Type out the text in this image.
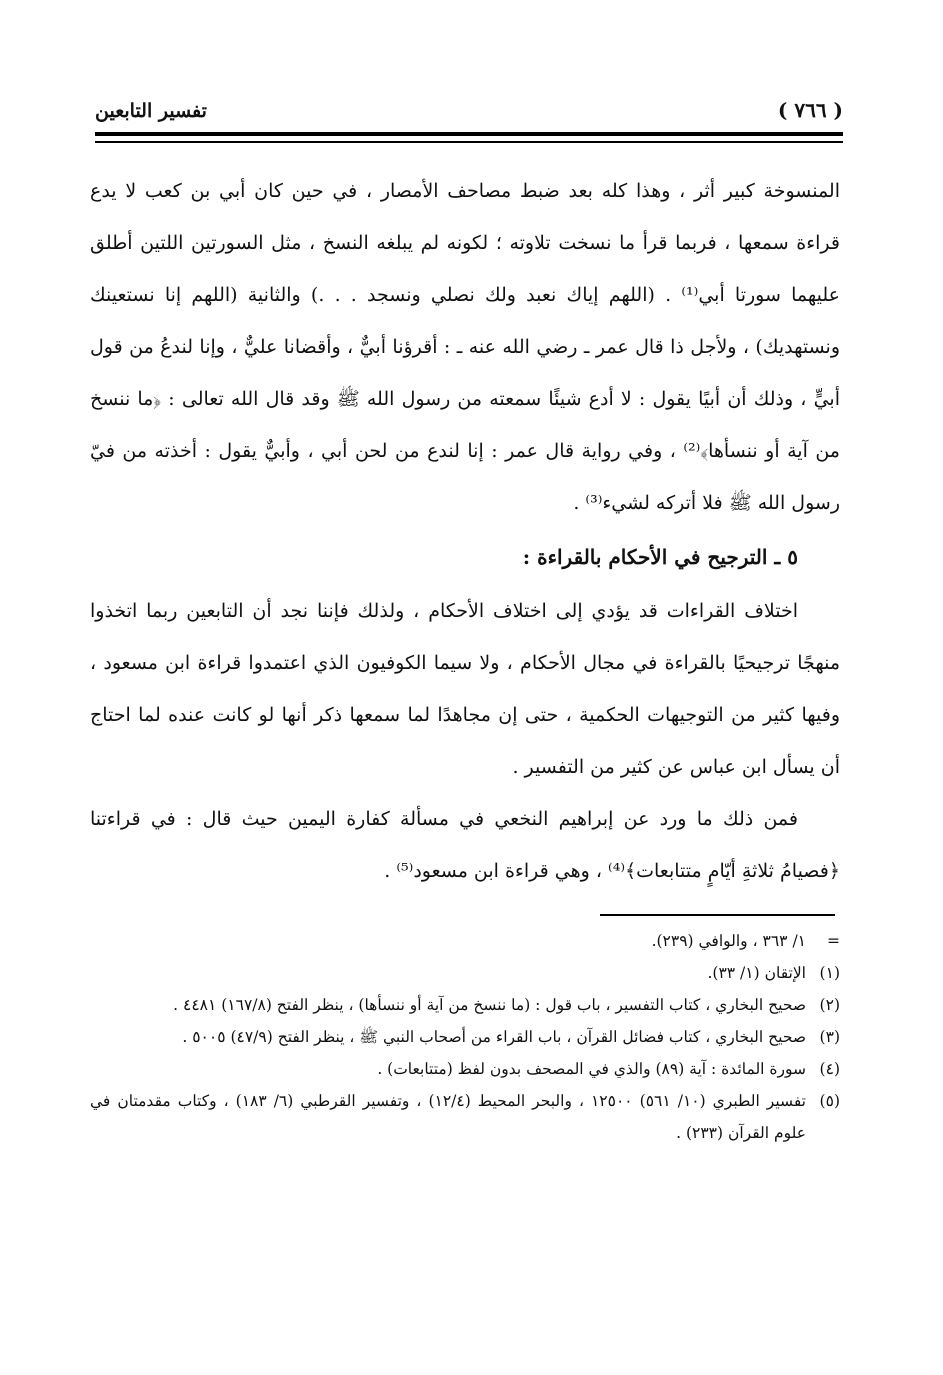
تفسير التابعين	( ٧٦٦ )

المنسوخة كبير أثر ، وهذا كله بعد ضبط مصاحف الأمصار ، في حين كان أبي بن كعب لا يدع قراءة سمعها ، فربما قرأ ما نسخت تلاوته ؛ لكونه لم يبلغه النسخ ، مثل السورتين اللتين أطلق عليهما سورتا أبي⁽¹⁾ . (اللهم إياك نعبد ولك نصلي ونسجد . . .) والثانية (اللهم إنا نستعينك ونستهديك) ، ولأجل ذا قال عمر ـ رضي الله عنه ـ : أقرؤنا أبيٌّ ، وأقضانا عليٌّ ، وإنا لندعُ من قول أبيٍّ ، وذلك أن أبيًا يقول : لا أدع شيئًا سمعته من رسول الله ﷺ وقد قال الله تعالى : ﴿ما ننسخ من آية أو ننسأها﴾⁽²⁾ ، وفي رواية قال عمر : إنا لندع من لحن أبي ، وأبيٌّ يقول : أخذته من فيّ رسول الله ﷺ فلا أتركه لشيء⁽³⁾ .

٥ ـ الترجيح في الأحكام بالقراءة :

اختلاف القراءات قد يؤدي إلى اختلاف الأحكام ، ولذلك فإننا نجد أن التابعين ربما اتخذوا منهجًا ترجيحيًا بالقراءة في مجال الأحكام ، ولا سيما الكوفيون الذي اعتمدوا قراءة ابن مسعود ، وفيها كثير من التوجيهات الحكمية ، حتى إن مجاهدًا لما سمعها ذكر أنها لو كانت عنده لما احتاج أن يسأل ابن عباس عن كثير من التفسير .

فمن ذلك ما ورد عن إبراهيم النخعي في مسألة كفارة اليمين حيث قال : في قراءتنا ﴿فصيامُ ثلاثةِ أيّامٍ متتابعات﴾⁽⁴⁾ ، وهي قراءة ابن مسعود⁽⁵⁾ .

=
١/ ٣٦٣ ، والوافي (٢٣٩).
(١)
الإتقان (١/ ٣٣).
(٢)
صحيح البخاري ، كتاب التفسير ، باب قول : (ما ننسخ من آية أو ننسأها) ، ينظر الفتح (١٦٧/٨) ٤٤٨١ .
(٣)
صحيح البخاري ، كتاب فضائل القرآن ، باب القراء من أصحاب النبي ﷺ ، ينظر الفتح (٤٧/٩) ٥٠٠٥ .
(٤)
سورة المائدة : آية (٨٩) والذي في المصحف بدون لفظ (متتابعات) .
(٥)
تفسير الطبري (١٠/ ٥٦١) ١٢٥٠٠ ، والبحر المحيط (١٢/٤) ، وتفسير القرطبي (٦/ ١٨٣) ، وكتاب مقدمتان في علوم القرآن (٢٣٣) .
